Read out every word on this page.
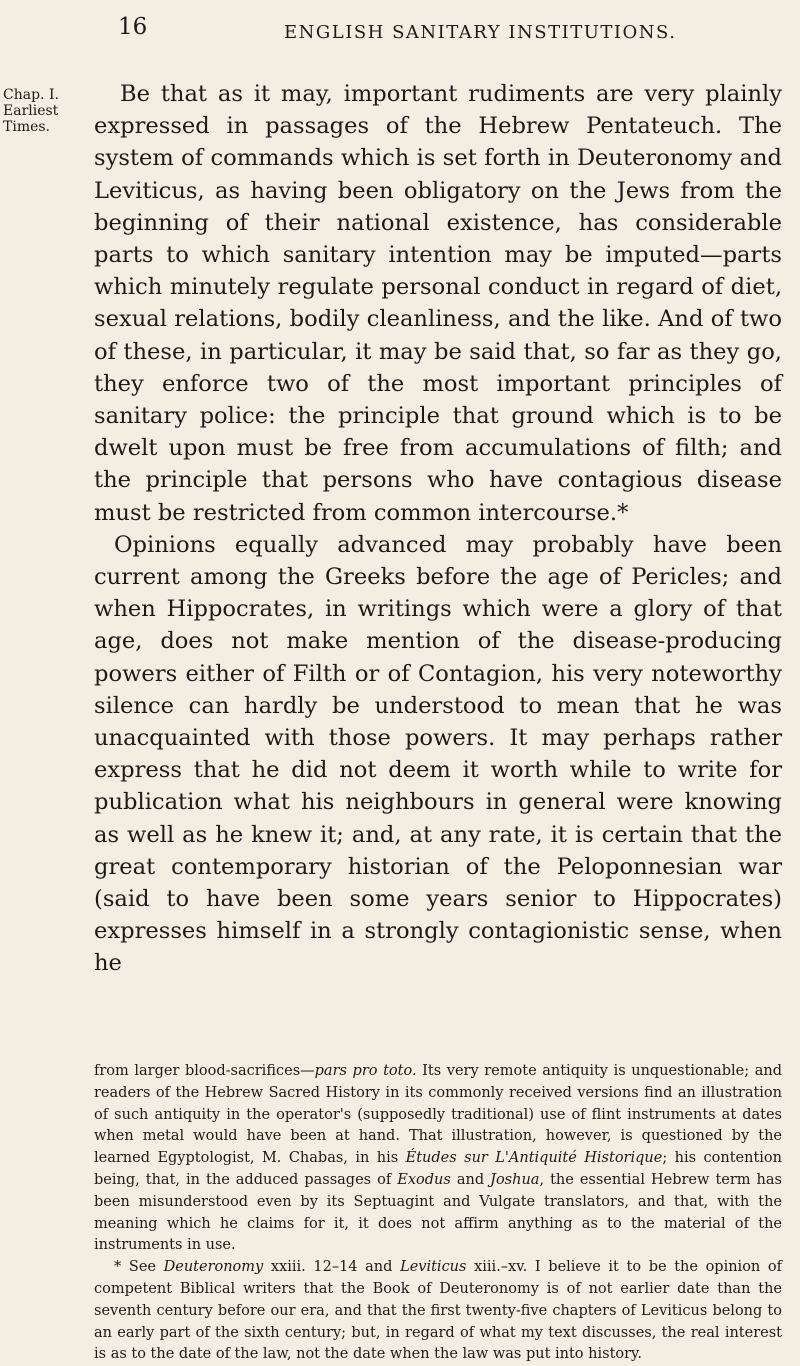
16	ENGLISH SANITARY INSTITUTIONS.
Chap. I.
Earliest
Times.

Be that as it may, important rudiments are very plainly expressed in passages of the Hebrew Pentateuch. The system of commands which is set forth in Deuteronomy and Leviticus, as having been obligatory on the Jews from the beginning of their national existence, has considerable parts to which sanitary intention may be imputed—parts which minutely regulate personal conduct in regard of diet, sexual relations, bodily cleanliness, and the like. And of two of these, in particular, it may be said that, so far as they go, they enforce two of the most important principles of sanitary police: the principle that ground which is to be dwelt upon must be free from accumulations of filth; and the principle that persons who have contagious disease must be restricted from common intercourse.*

Opinions equally advanced may probably have been current among the Greeks before the age of Pericles; and when Hippocrates, in writings which were a glory of that age, does not make mention of the disease-producing powers either of Filth or of Contagion, his very noteworthy silence can hardly be understood to mean that he was unacquainted with those powers. It may perhaps rather express that he did not deem it worth while to write for publication what his neighbours in general were knowing as well as he knew it; and, at any rate, it is certain that the great contemporary historian of the Peloponnesian war (said to have been some years senior to Hippocrates) expresses himself in a strongly contagionistic sense, when he

from larger blood-sacrifices—pars pro toto. Its very remote antiquity is unquestionable; and readers of the Hebrew Sacred History in its commonly received versions find an illustration of such antiquity in the operator's (supposedly traditional) use of flint instruments at dates when metal would have been at hand. That illustration, however, is questioned by the learned Egyptologist, M. Chabas, in his Études sur L'Antiquité Historique; his contention being, that, in the adduced passages of Exodus and Joshua, the essential Hebrew term has been misunderstood even by its Septuagint and Vulgate translators, and that, with the meaning which he claims for it, it does not affirm anything as to the material of the instruments in use.

* See Deuteronomy xxiii. 12–14 and Leviticus xiii.–xv. I believe it to be the opinion of competent Biblical writers that the Book of Deuteronomy is of not earlier date than the seventh century before our era, and that the first twenty-five chapters of Leviticus belong to an early part of the sixth century; but, in regard of what my text discusses, the real interest is as to the date of the law, not the date when the law was put into history.
